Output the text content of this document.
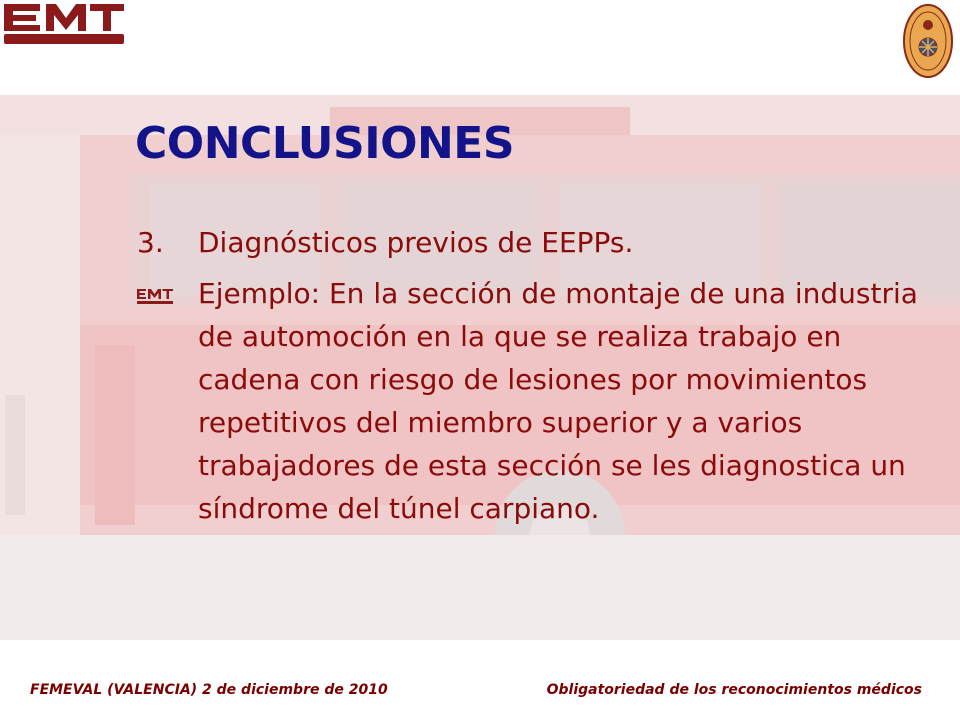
CONCLUSIONES
3. Diagnósticos previos de EEPPs.
Ejemplo: En la sección de montaje de una industria de automoción en la que se realiza trabajo en cadena con riesgo de lesiones por movimientos repetitivos del miembro superior y a varios trabajadores de esta sección se les diagnostica un síndrome del túnel carpiano.
FEMEVAL (VALENCIA) 2 de diciembre de 2010	Obligatoriedad de los reconocimientos médicos
